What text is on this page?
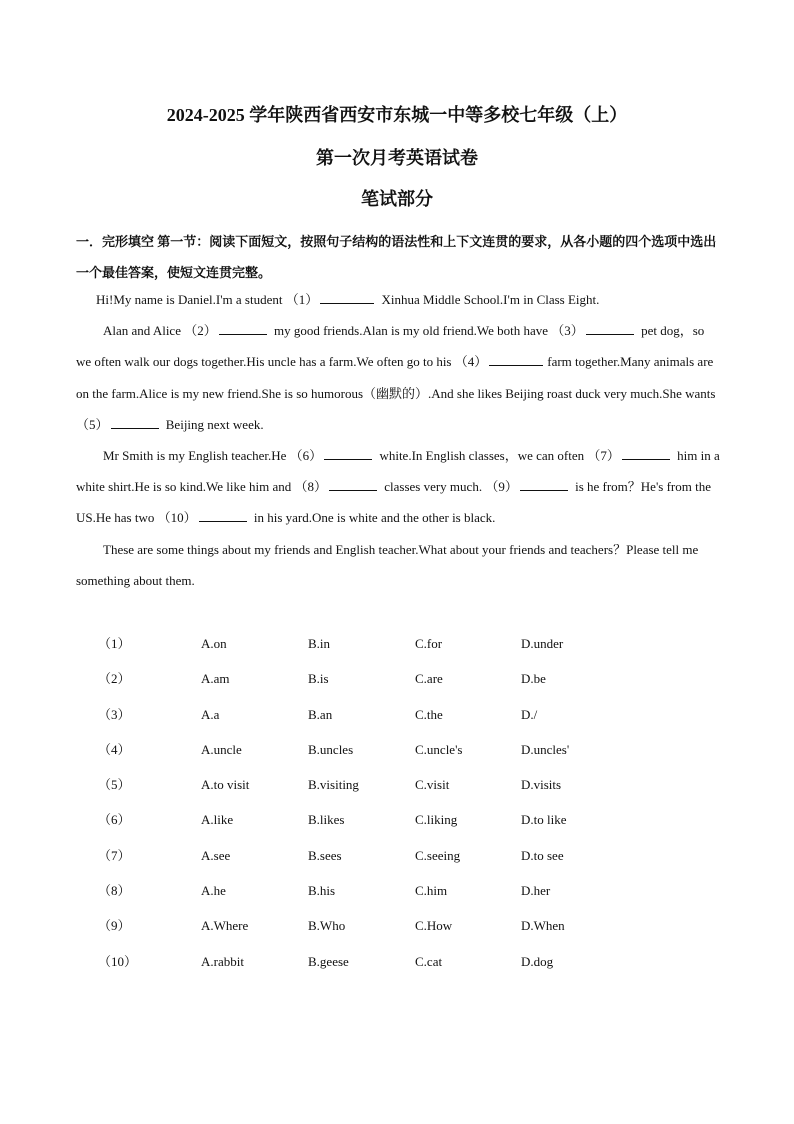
2024-2025 学年陕西省西安市东城一中等多校七年级（上）
第一次月考英语试卷
笔试部分
一．完形填空 第一节：阅读下面短文，按照句子结构的语法性和上下文连贯的要求，从各小题的四个选项中选出一个最佳答案，使短文连贯完整。

Hi!My name is Daniel.I'm a student （1）	Xinhua Middle School.I'm in Class Eight.

Alan and Alice （2）	my good friends.Alan is my old friend.We both have （3）	pet dog，so we often walk our dogs together.His uncle has a farm.We often go to his （4）	farm together.Many animals are on the farm.Alice is my new friend.She is so humorous（幽默的）.And she likes Beijing roast duck very much.She wants （5）	Beijing next week.

Mr Smith is my English teacher.He （6）	white.In English classes，we can often （7）	him in a white shirt.He is so kind.We like him and （8）	classes very much. （9）	is he from？He's from the US.He has two （10）	in his yard.One is white and the other is black.

These are some things about my friends and English teacher.What about your friends and teachers？Please tell me something about them.

（1）	A.on	B.in	C.for	D.under
（2）	A.am	B.is	C.are	D.be
（3）	A.a	B.an	C.the	D./
（4）	A.uncle	B.uncles	C.uncle's	D.uncles'
（5）	A.to visit	B.visiting	C.visit	D.visits
（6）	A.like	B.likes	C.liking	D.to like
（7）	A.see	B.sees	C.seeing	D.to see
（8）	A.he	B.his	C.him	D.her
（9）	A.Where	B.Who	C.How	D.When
（10）	A.rabbit	B.geese	C.cat	D.dog
